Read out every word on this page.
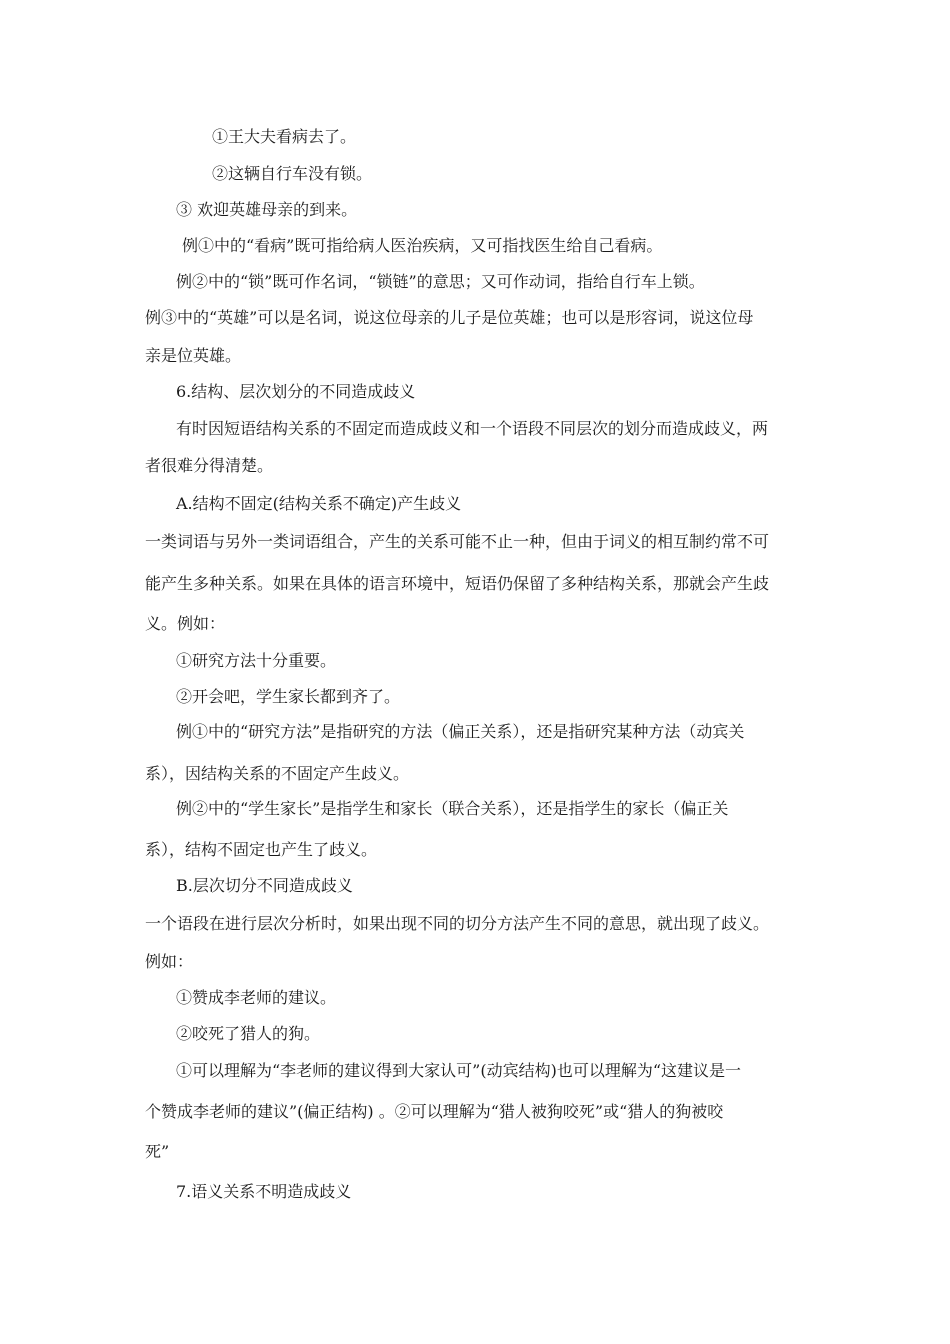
①王大夫看病去了。
②这辆自行车没有锁。
③ 欢迎英雄母亲的到来。
例①中的“看病”既可指给病人医治疾病，又可指找医生给自己看病。
例②中的“锁”既可作名词，“锁链”的意思；又可作动词，指给自行车上锁。
例③中的“英雄”可以是名词，说这位母亲的儿子是位英雄；也可以是形容词，说这位母
亲是位英雄。
6.结构、层次划分的不同造成歧义
有时因短语结构关系的不固定而造成歧义和一个语段不同层次的划分而造成歧义，两
者很难分得清楚。
A.结构不固定(结构关系不确定)产生歧义
一类词语与另外一类词语组合，产生的关系可能不止一种，但由于词义的相互制约常不可
能产生多种关系。如果在具体的语言环境中，短语仍保留了多种结构关系，那就会产生歧
义。例如：
①研究方法十分重要。
②开会吧，学生家长都到齐了。
例①中的“研究方法”是指研究的方法（偏正关系），还是指研究某种方法（动宾关
系），因结构关系的不固定产生歧义。
例②中的“学生家长”是指学生和家长（联合关系），还是指学生的家长（偏正关
系），结构不固定也产生了歧义。
B.层次切分不同造成歧义
一个语段在进行层次分析时，如果出现不同的切分方法产生不同的意思，就出现了歧义。
例如：
①赞成李老师的建议。
②咬死了猎人的狗。
①可以理解为“李老师的建议得到大家认可”(动宾结构)也可以理解为“这建议是一
个赞成李老师的建议”(偏正结构) 。②可以理解为“猎人被狗咬死”或“猎人的狗被咬
死”
7.语义关系不明造成歧义
